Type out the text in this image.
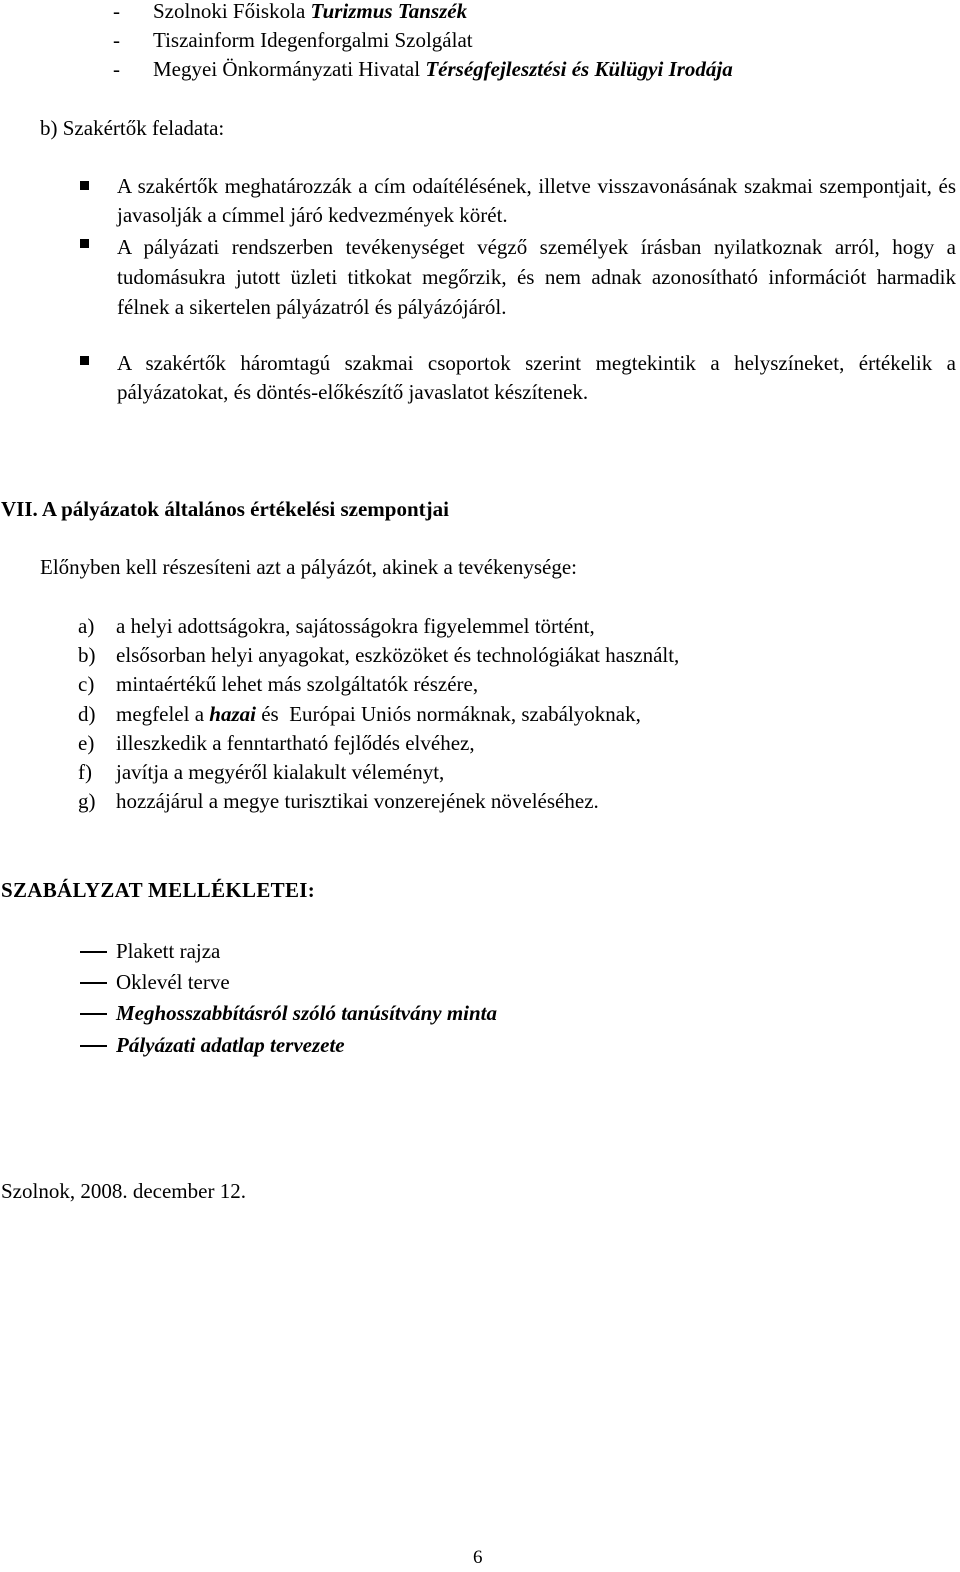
- Szolnoki Főiskola Turizmus Tanszék
- Tiszainform Idegenforgalmi Szolgálat
- Megyei Önkormányzati Hivatal Térségfejlesztési és Külügyi Irodája
b) Szakértők feladata:
A szakértők meghatározzák a cím odaítélésének, illetve visszavonásának szakmai szempontjait, és javasolják a címmel járó kedvezmények körét.
A pályázati rendszerben tevékenységet végző személyek írásban nyilatkoznak arról, hogy a tudomásukra jutott üzleti titkokat megőrzik, és nem adnak azonosítható információt harmadik félnek a sikertelen pályázatról és pályázójáról.
A szakértők háromtagú szakmai csoportok szerint megtekintik a helyszíneket, értékelik a pályázatokat, és döntés-előkészítő javaslatot készítenek.
VII. A pályázatok általános értékelési szempontjai
Előnyben kell részesíteni azt a pályázót, akinek a tevékenysége:
a) a helyi adottságokra, sajátosságokra figyelemmel történt,
b) elsősorban helyi anyagokat, eszközöket és technológiákat használt,
c) mintaértékű lehet más szolgáltatók részére,
d) megfelel a hazai és  Európai Uniós normáknak, szabályoknak,
e) illeszkedik a fenntartható fejlődés elvéhez,
f) javítja a megyéről kialakult véleményt,
g) hozzájárul a megye turisztikai vonzerejének növeléséhez.
SZABÁLYZAT MELLÉKLETEI:
Plakett rajza
Oklevél terve
Meghosszabbításról szóló tanúsítvány minta
Pályázati adatlap tervezete
Szolnok, 2008. december 12.
6
